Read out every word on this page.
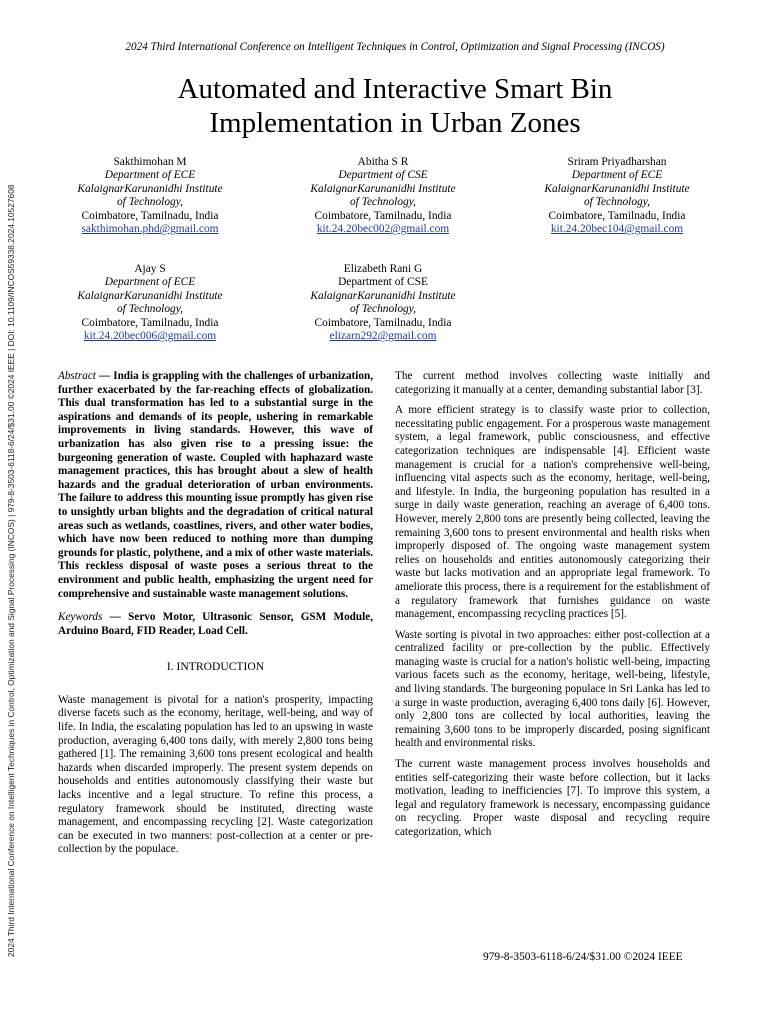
2024 Third International Conference on Intelligent Techniques in Control, Optimization and Signal Processing (INCOS)
Automated and Interactive Smart Bin
Implementation in Urban Zones
2024 Third International Conference on Intelligent Techniques in Control, Optimization and Signal Processing (INCOS) | 979-8-3503-6118-6/24/$31.00 ©2024 IEEE | DOI: 10.1109/INCOS59338.2024.10527608
Sakthimohan M
Department of ECE
KalaignarKarunanidhi Institute
of Technology,
Coimbatore, Tamilnadu, India
sakthimohan.phd@gmail.com
Abitha S R
Department of CSE
KalaignarKarunanidhi Institute
of Technology,
Coimbatore, Tamilnadu, India
kit.24.20bec002@gmail.com
Sriram Priyadharshan
Department of ECE
KalaignarKarunanidhi Institute
of Technology,
Coimbatore, Tamilnadu, India
kit.24.20bec104@gmail.com
Ajay S
Department of ECE
KalaignarKarunanidhi Institute
of Technology,
Coimbatore, Tamilnadu, India
kit.24.20bec006@gmail.com
Elizabeth Rani G
Department of CSE
KalaignarKarunanidhi Institute
of Technology,
Coimbatore, Tamilnadu, India
elizarn292@gmail.com

Abstract — India is grappling with the challenges of urbanization, further exacerbated by the far-reaching effects of globalization. This dual transformation has led to a substantial surge in the aspirations and demands of its people, ushering in remarkable improvements in living standards. However, this wave of urbanization has also given rise to a pressing issue: the burgeoning generation of waste. Coupled with haphazard waste management practices, this has brought about a slew of health hazards and the gradual deterioration of urban environments. The failure to address this mounting issue promptly has given rise to unsightly urban blights and the degradation of critical natural areas such as wetlands, coastlines, rivers, and other water bodies, which have now been reduced to nothing more than dumping grounds for plastic, polythene, and a mix of other waste materials. This reckless disposal of waste poses a serious threat to the environment and public health, emphasizing the urgent need for comprehensive and sustainable waste management solutions.

Keywords — Servo Motor, Ultrasonic Sensor, GSM Module, Arduino Board, FID Reader, Load Cell.

I. INTRODUCTION

Waste management is pivotal for a nation's prosperity, impacting diverse facets such as the economy, heritage, well-being, and way of life. In India, the escalating population has led to an upswing in waste production, averaging 6,400 tons daily, with merely 2,800 tons being gathered [1]. The remaining 3,600 tons present ecological and health hazards when discarded improperly. The present system depends on households and entities autonomously classifying their waste but lacks incentive and a legal structure. To refine this process, a regulatory framework should be instituted, directing waste management, and encompassing recycling [2]. Waste categorization can be executed in two manners: post-collection at a center or pre-collection by the populace.

The current method involves collecting waste initially and categorizing it manually at a center, demanding substantial labor [3].

A more efficient strategy is to classify waste prior to collection, necessitating public engagement. For a prosperous waste management system, a legal framework, public consciousness, and effective categorization techniques are indispensable [4]. Efficient waste management is crucial for a nation's comprehensive well-being, influencing vital aspects such as the economy, heritage, well-being, and lifestyle. In India, the burgeoning population has resulted in a surge in daily waste generation, reaching an average of 6,400 tons. However, merely 2,800 tons are presently being collected, leaving the remaining 3,600 tons to present environmental and health risks when improperly disposed of. The ongoing waste management system relies on households and entities autonomously categorizing their waste but lacks motivation and an appropriate legal framework. To ameliorate this process, there is a requirement for the establishment of a regulatory framework that furnishes guidance on waste management, encompassing recycling practices [5].

Waste sorting is pivotal in two approaches: either post-collection at a centralized facility or pre-collection by the public. Effectively managing waste is crucial for a nation's holistic well-being, impacting various facets such as the economy, heritage, well-being, lifestyle, and living standards. The burgeoning populace in Sri Lanka has led to a surge in waste production, averaging 6,400 tons daily [6]. However, only 2,800 tons are collected by local authorities, leaving the remaining 3,600 tons to be improperly discarded, posing significant health and environmental risks.

The current waste management process involves households and entities self-categorizing their waste before collection, but it lacks motivation, leading to inefficiencies [7]. To improve this system, a legal and regulatory framework is necessary, encompassing guidance on recycling. Proper waste disposal and recycling require categorization, which

979-8-3503-6118-6/24/$31.00 ©2024 IEEE
